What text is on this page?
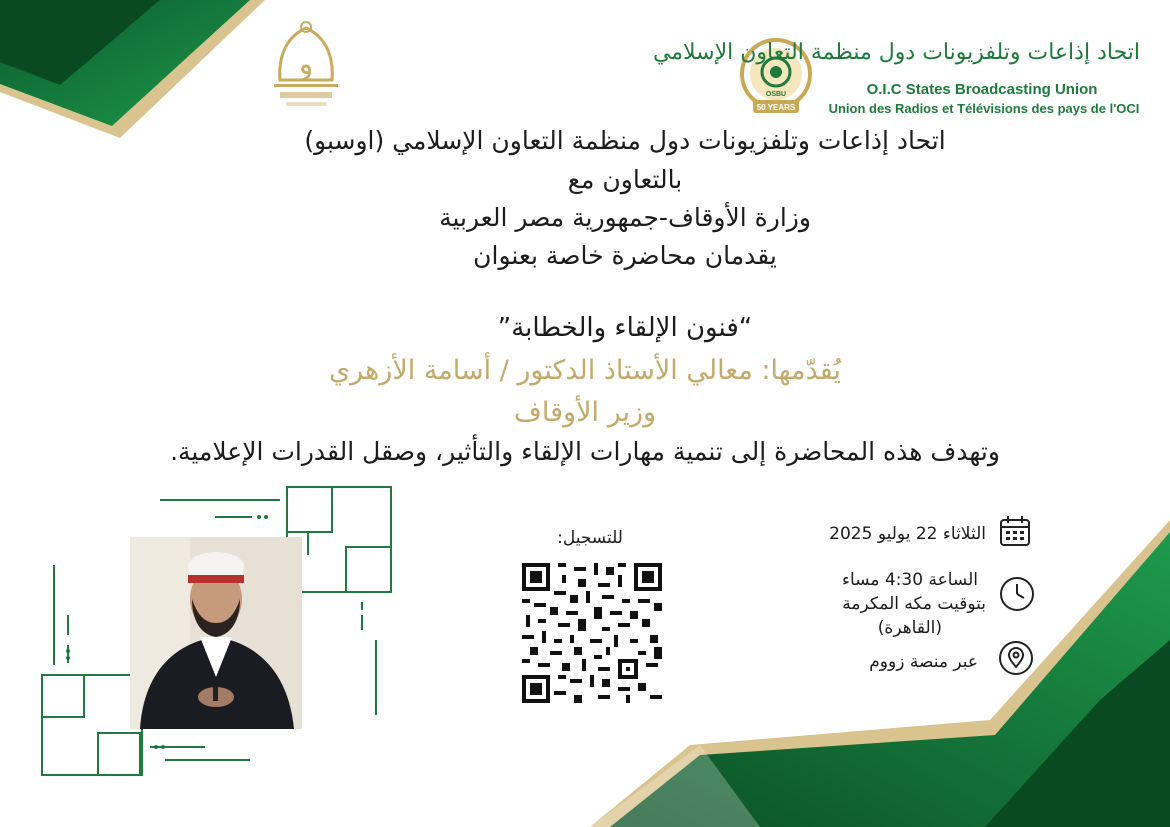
و
OSBU
50 YEARS
اتحاد إذاعات وتلفزيونات دول منظمة التعاون الإسلامي
O.I.C States Broadcasting Union
Union des Radios et Télévisions des pays de l'OCI
اتحاد إذاعات وتلفزيونات دول منظمة التعاون الإسلامي (اوسبو)
بالتعاون مع
وزارة الأوقاف-جمهورية مصر العربية
يقدمان محاضرة خاصة بعنوان
“فنون الإلقاء والخطابة”
يُقدّمها: معالي الأستاذ الدكتور / أسامة الأزهري
وزير الأوقاف
وتهدف هذه المحاضرة إلى تنمية مهارات الإلقاء والتأثير، وصقل القدرات الإعلامية.
للتسجيل:	الثلاثاء 22 يوليو 2025
الساعة 4:30 مساء
بتوقيت مكه المكرمة
(القاهرة)
عبر منصة زووم
